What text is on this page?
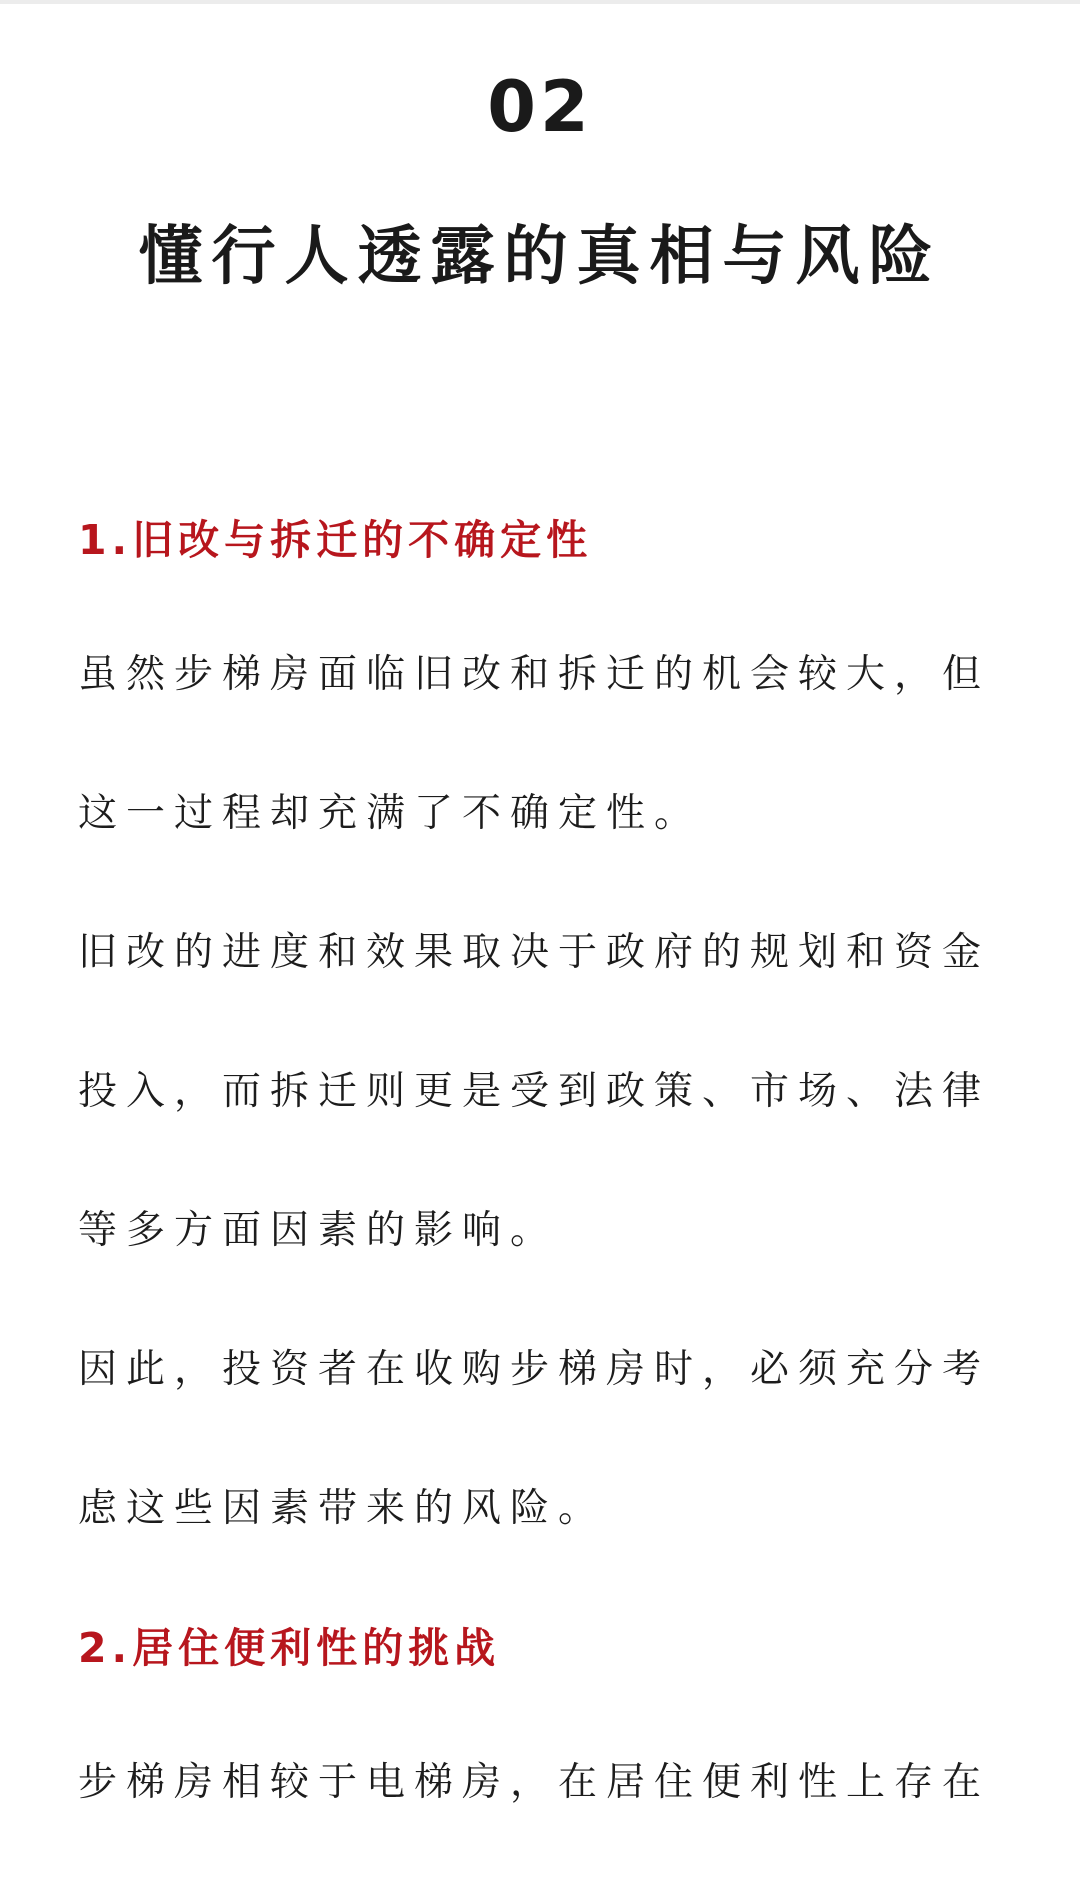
02
懂行人透露的真相与风险
1.旧改与拆迁的不确定性

虽然步梯房面临旧改和拆迁的机会较大，但这一过程却充满了不确定性。

旧改的进度和效果取决于政府的规划和资金投入，而拆迁则更是受到政策、市场、法律等多方面因素的影响。

因此，投资者在收购步梯房时，必须充分考虑这些因素带来的风险。

2.居住便利性的挑战

步梯房相较于电梯房，在居住便利性上存在
